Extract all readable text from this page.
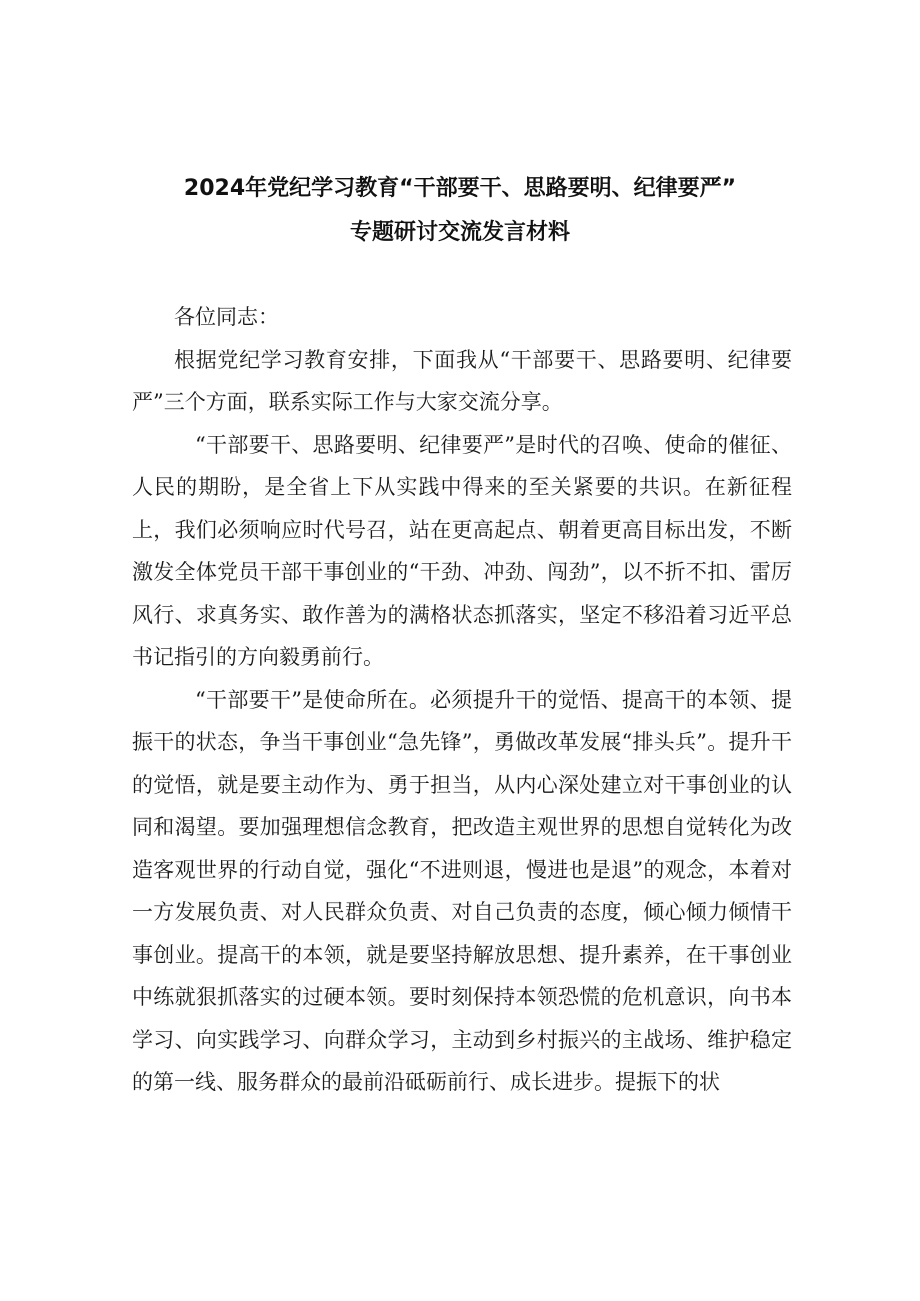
2024年党纪学习教育“干部要干、思路要明、纪律要严”
专题研讨交流发言材料

各位同志：

根据党纪学习教育安排，下面我从“干部要干、思路要明、纪律要严”三个方面，联系实际工作与大家交流分享。

“干部要干、思路要明、纪律要严”是时代的召唤、使命的催征、人民的期盼，是全省上下从实践中得来的至关紧要的共识。在新征程上，我们必须响应时代号召，站在更高起点、朝着更高目标出发，不断激发全体党员干部干事创业的“干劲、冲劲、闯劲”，以不折不扣、雷厉风行、求真务实、敢作善为的满格状态抓落实，坚定不移沿着习近平总书记指引的方向毅勇前行。

“干部要干”是使命所在。必须提升干的觉悟、提高干的本领、提振干的状态，争当干事创业“急先锋”，勇做改革发展“排头兵”。提升干的觉悟，就是要主动作为、勇于担当，从内心深处建立对干事创业的认同和渴望。要加强理想信念教育，把改造主观世界的思想自觉转化为改造客观世界的行动自觉，强化“不进则退，慢进也是退”的观念，本着对一方发展负责、对人民群众负责、对自己负责的态度，倾心倾力倾情干事创业。提高干的本领，就是要坚持解放思想、提升素养，在干事创业中练就狠抓落实的过硬本领。要时刻保持本领恐慌的危机意识，向书本学习、向实践学习、向群众学习，主动到乡村振兴的主战场、维护稳定的第一线、服务群众的最前沿砥砺前行、成长进步。提振下的状
